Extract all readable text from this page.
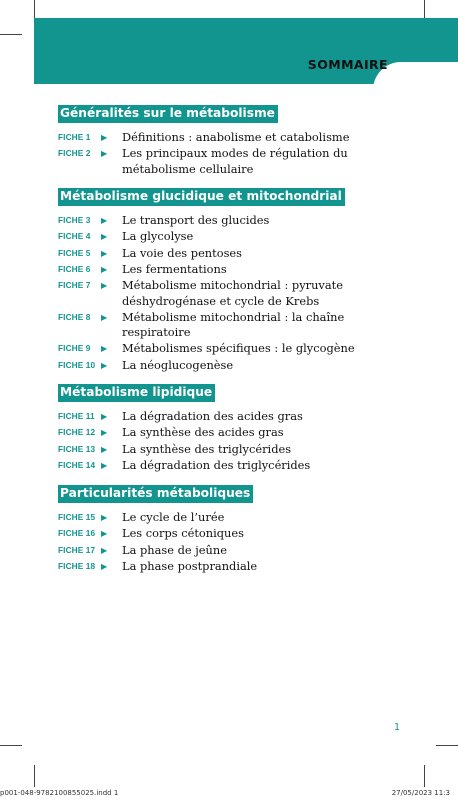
SOMMAIRE
Généralités sur le métabolisme
FICHE 1	▶	Définitions : anabolisme et catabolisme
FICHE 2	▶	Les principaux modes de régulation du métabolisme cellulaire
Métabolisme glucidique et mitochondrial
FICHE 3	▶	Le transport des glucides
FICHE 4	▶	La glycolyse
FICHE 5	▶	La voie des pentoses
FICHE 6	▶	Les fermentations
FICHE 7	▶	Métabolisme mitochondrial : pyruvate déshydrogénase et cycle de Krebs
FICHE 8	▶	Métabolisme mitochondrial : la chaîne respiratoire
FICHE 9	▶	Métabolismes spécifiques : le glycogène
FICHE 10 ▶	La néoglucogenèse
Métabolisme lipidique
FICHE 11 ▶	La dégradation des acides gras
FICHE 12 ▶	La synthèse des acides gras
FICHE 13 ▶	La synthèse des triglycérides
FICHE 14 ▶	La dégradation des triglycérides
Particularités métaboliques
FICHE 15 ▶	Le cycle de l’urée
FICHE 16 ▶	Les corps cétoniques
FICHE 17 ▶	La phase de jeûne
FICHE 18 ▶	La phase postprandiale
1
p001-048-9782100855025.indd 1	27/05/2023 11:3
